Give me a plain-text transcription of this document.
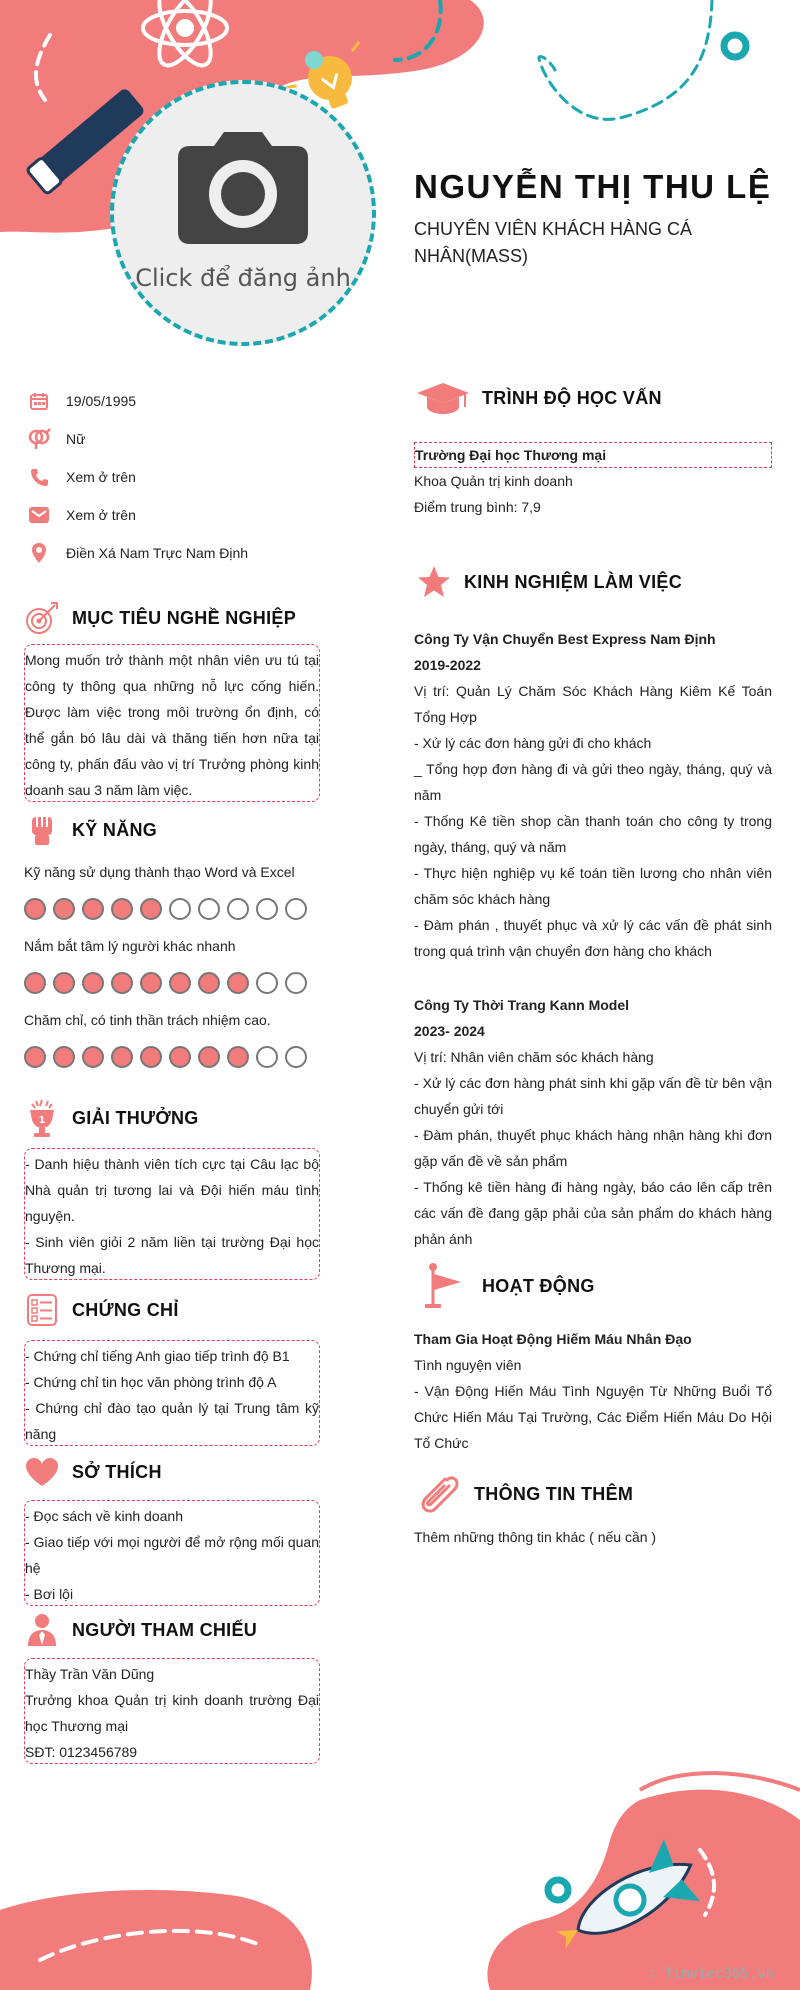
Click để đăng ảnh
NGUYỄN THỊ THU LỆ
CHUYÊN VIÊN KHÁCH HÀNG CÁ NHÂN(MASS)
19/05/1995
Nữ
Xem ở trên
Xem ở trên
Điền Xá Nam Trực Nam Định
MỤC TIÊU NGHỀ NGHIỆP

Mong muốn trở thành một nhân viên ưu tú tại công ty thông qua những nỗ lực cống hiến. Được làm việc trong môi trường ổn định, có thể gắn bó lâu dài và thăng tiến hơn nữa tại công ty, phấn đấu vào vị trí Trưởng phòng kinh doanh sau 3 năm làm việc.

KỸ NĂNG
Kỹ năng sử dụng thành thạo Word và Excel
Nắm bắt tâm lý người khác nhanh
Chăm chỉ, có tinh thần trách nhiệm cao.
1 GIẢI THƯỞNG

- Danh hiệu thành viên tích cực tại Câu lạc bộ Nhà quản trị tương lai và Đội hiến máu tình nguyện.

- Sinh viên giỏi 2 năm liền tại trường Đại học Thương mại.

CHỨNG CHỈ

- Chứng chỉ tiếng Anh giao tiếp trình độ B1

- Chứng chỉ tin học văn phòng trình độ A

- Chứng chỉ đào tạo quản lý tại Trung tâm kỹ năng

SỞ THÍCH

- Đọc sách về kinh doanh

- Giao tiếp với mọi người để mở rộng mối quan hệ

- Bơi lội

NGƯỜI THAM CHIẾU

Thầy Trần Văn Dũng

Trưởng khoa Quản trị kinh doanh trường Đại học Thương mại

SĐT: 0123456789

TRÌNH ĐỘ HỌC VẤN
Trường Đại học Thương mại
Khoa Quản trị kinh doanh
Điểm trung bình: 7,9
KINH NGHIỆM LÀM VIỆC
Công Ty Vận Chuyển Best Express Nam Định
2019-2022
Vị trí: Quản Lý Chăm Sóc Khách Hàng Kiêm Kế Toán Tổng Hợp
- Xử lý các đơn hàng gửi đi cho khách
_ Tổng hợp đơn hàng đi và gửi theo ngày, tháng, quý và năm
- Thống Kê tiền shop cần thanh toán cho công ty trong ngày, tháng, quý và năm
- Thực hiện nghiệp vụ kế toán tiền lương cho nhân viên chăm sóc khách hàng
- Đàm phán , thuyết phục và xử lý các vấn đề phát sinh trong quá trình vận chuyển đơn hàng cho khách
Công Ty Thời Trang Kann Model
2023- 2024
Vị trí: Nhân viên chăm sóc khách hàng
- Xử lý các đơn hàng phát sinh khi gặp vấn đề từ bên vận chuyển gửi tới
- Đàm phán, thuyết phục khách hàng nhận hàng khi đơn gặp vấn đề về sản phẩm
- Thống kê tiền hàng đi hàng ngày, báo cáo lên cấp trên các vấn đề đang gặp phải của sản phẩm do khách hàng phản ánh
HOẠT ĐỘNG
Tham Gia Hoạt Động Hiếm Máu Nhân Đạo
Tình nguyện viên
- Vận Động Hiến Máu Tình Nguyện Từ Những Buổi Tổ Chức Hiến Máu Tại Trường, Các Điểm Hiến Máu Do Hội Tổ Chức
THÔNG TIN THÊM
Thêm những thông tin khác ( nếu cần )
∴ Timviec365.vn
